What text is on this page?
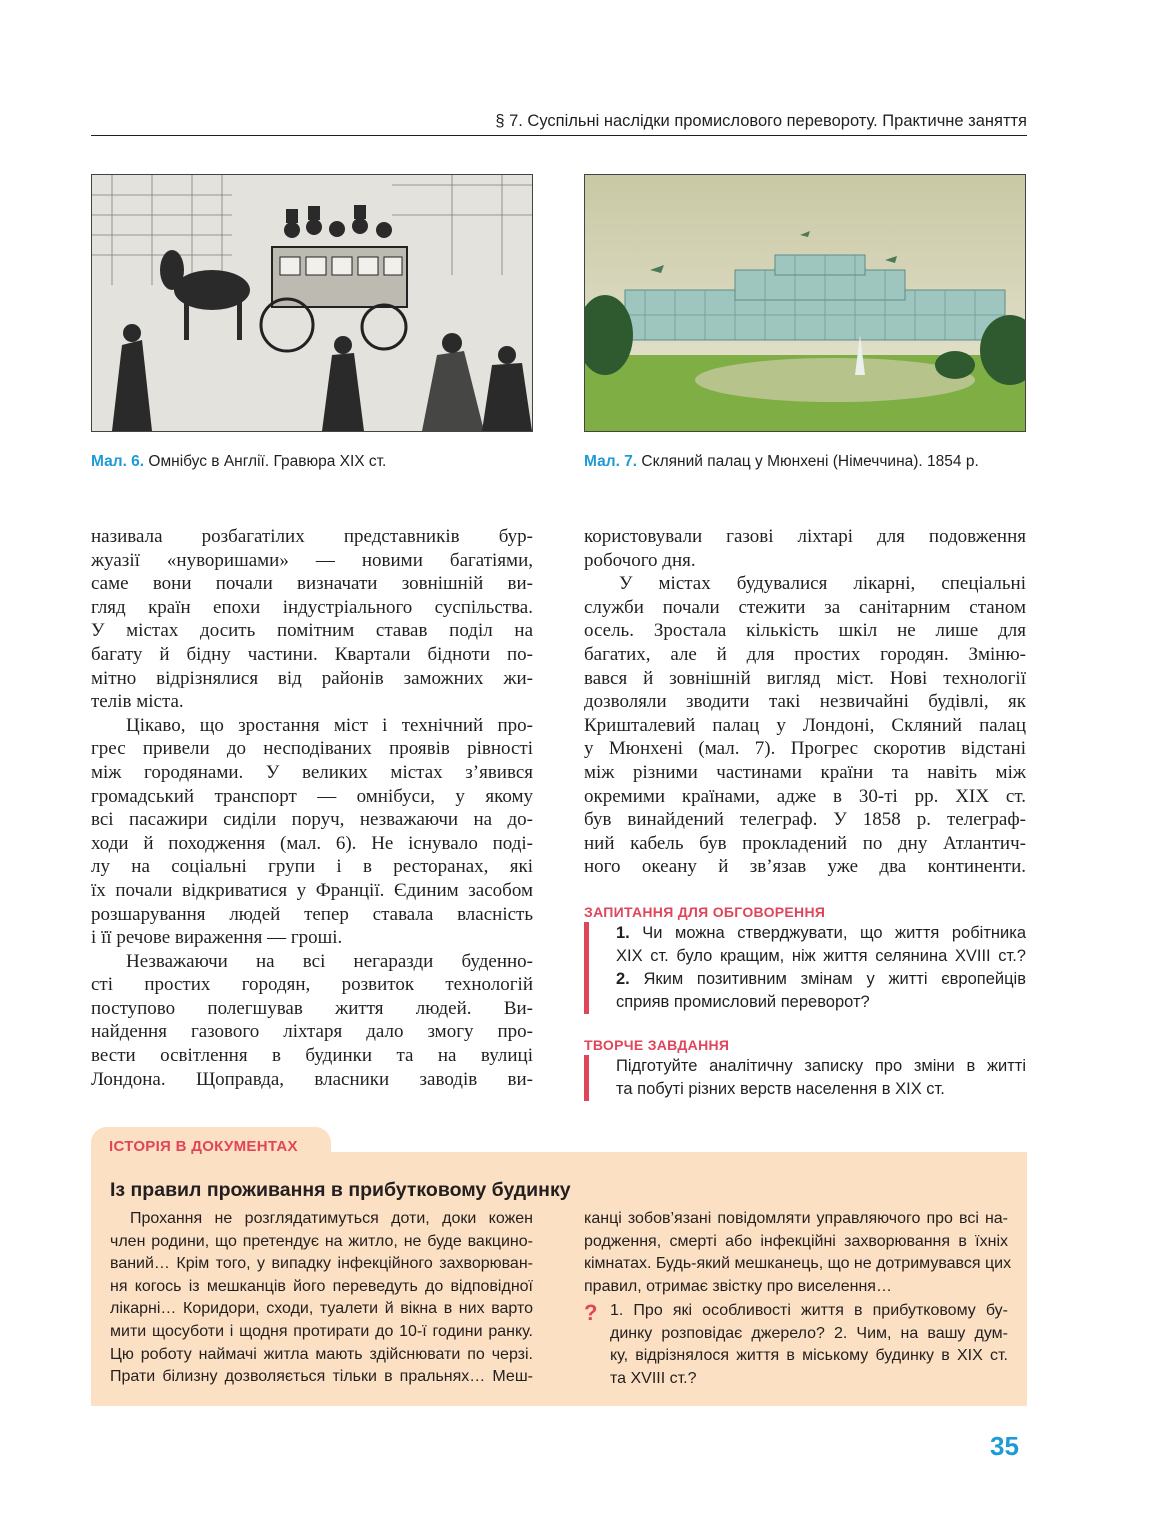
§ 7. Суспільні наслідки промислового перевороту. Практичне заняття
Мал. 6. Омнібус в Англії. Гравюра XIX ст.	Мал. 7. Скляний палац у Мюнхені (Німеччина). 1854 р.
називала розбагатілих представників бур-
жуазії «нуворишами» — новими багатіями,
саме вони почали визначати зовнішній ви-
гляд країн епохи індустріального суспільства.
У містах досить помітним ставав поділ на
багату й бідну частини. Квартали бідноти по-
мітно відрізнялися від районів заможних жи-
телів міста.
Цікаво, що зростання міст і технічний про-
грес привели до несподіваних проявів рівності
між городянами. У великих містах з’явився
громадський транспорт — омнібуси, у якому
всі пасажири сиділи поруч, незважаючи на до-
ходи й походження (мал. 6). Не існувало поді-
лу на соціальні групи і в ресторанах, які
їх почали відкриватися у Франції. Єдиним засобом
розшарування людей тепер ставала власність
і її речове вираження — гроші.
Незважаючи на всі негаразди буденно-
сті простих городян, розвиток технологій
поступово полегшував життя людей. Ви-
найдення газового ліхтаря дало змогу про-
вести освітлення в будинки та на вулиці
Лондона. Щоправда, власники заводів ви-
користовували газові ліхтарі для подовження
робочого дня.
У містах будувалися лікарні, спеціальні
служби почали стежити за санітарним станом
осель. Зростала кількість шкіл не лише для
багатих, але й для простих городян. Зміню-
вався й зовнішній вигляд міст. Нові технології
дозволяли зводити такі незвичайні будівлі, як
Кришталевий палац у Лондоні, Скляний палац
у Мюнхені (мал. 7). Прогрес скоротив відстані
між різними частинами країни та навіть між
окремими країнами, адже в 30-ті рр. XIX ст.
був винайдений телеграф. У 1858 р. телеграф-
ний кабель був прокладений по дну Атлантич-
ного океану й зв’язав уже два континенти.
ЗАПИТАННЯ ДЛЯ ОБГОВОРЕННЯ
1. Чи можна стверджувати, що життя робітника
XIX ст. було кращим, ніж життя селянина XVIII ст.?
2. Яким позитивним змінам у житті європейців
сприяв промисловий переворот?
ТВОРЧЕ ЗАВДАННЯ
Підготуйте аналітичну записку про зміни в житті
та побуті різних верств населення в XIX ст.
ІСТОРІЯ В ДОКУМЕНТАХ
Із правил проживання в прибутковому будинку
Прохання не розглядатимуться доти, доки кожен
член родини, що претендує на житло, не буде вакцино-
ваний… Крім того, у випадку інфекційного захворюван-
ня когось із мешканців його переведуть до відповідної
лікарні… Коридори, сходи, туалети й вікна в них варто
мити щосуботи і щодня протирати до 10-ї години ранку.
Цю роботу наймачі житла мають здійснювати по черзі.
Прати білизну дозволяється тільки в пральнях… Меш-
канці зобов’язані повідомляти управляючого про всі на-
родження, смерті або інфекційні захворювання в їхніх
кімнатах. Будь-який мешканець, що не дотримувався цих
правил, отримає звістку про виселення…
? 1. Про які особливості життя в прибутковому бу-
динку розповідає джерело? 2. Чим, на вашу дум-
ку, відрізнялося життя в міському будинку в XIX ст.
та XVIII ст.?
35
